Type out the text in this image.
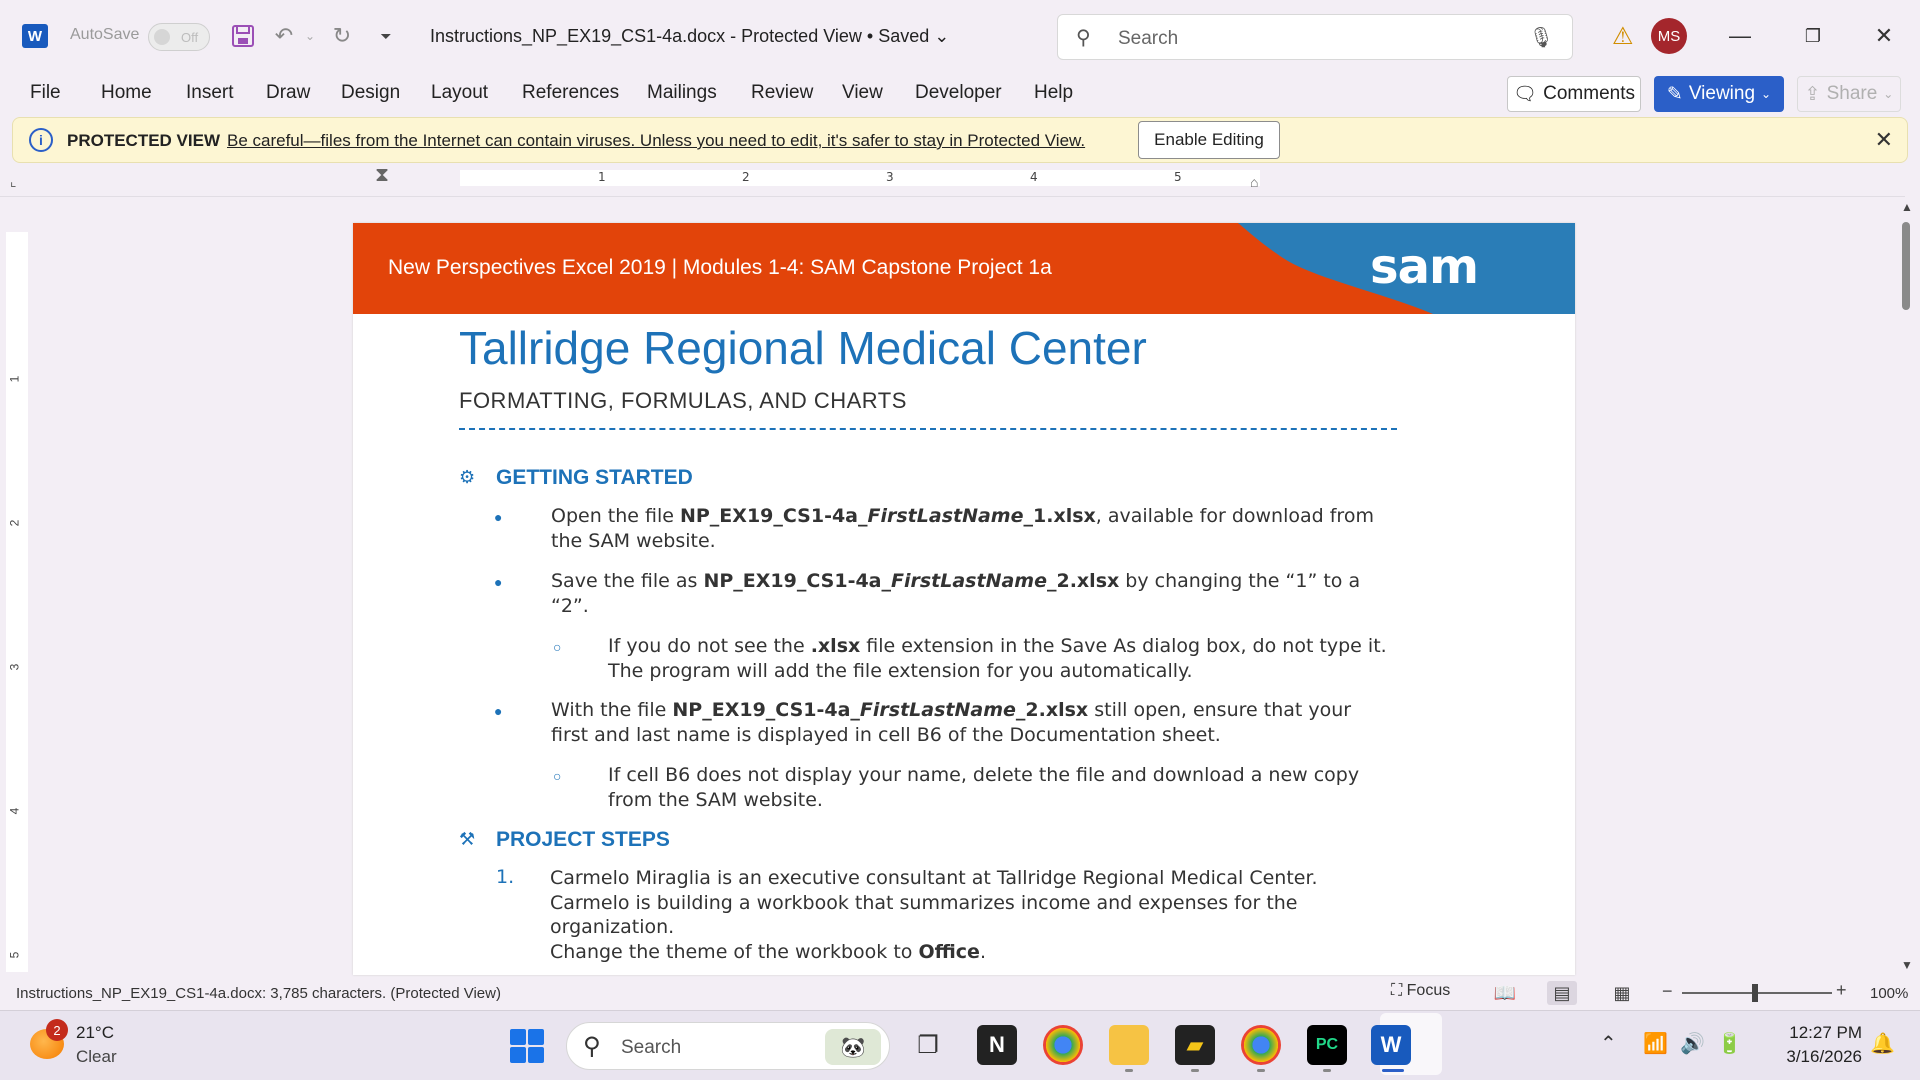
W	AutoSave	Off	↶ ⌄ ↻	⏷	Instructions_NP_EX19_CS1-4a.docx - Protected View • Saved ⌄	⚲ Search	🎙 ⚠	MS	—	❐	✕
File Home Insert Draw Design Layout References Mailings Review View Developer Help	🗨 Comments ✎ Viewing ⌄ ⇪ Share ⌄
i	PROTECTED VIEW Be careful—files from the Internet can contain viruses. Unless you need to edit, it's safer to stay in Protected View.	Enable Editing	✕
⌞	1	2	3	4	5
⧗	⌂
1
2
3
4
5
New Perspectives Excel 2019 | Modules 1-4: SAM Capstone Project 1a	sam
Tallridge Regional Medical Center
FORMATTING, FORMULAS, AND CHARTS
⚙ GETTING STARTED
●	Open the file NP_EX19_CS1-4a_FirstLastName_1.xlsx, available for download from
the SAM website.
●	Save the file as NP_EX19_CS1-4a_FirstLastName_2.xlsx by changing the “1” to a
“2”.
○ If you do not see the .xlsx file extension in the Save As dialog box, do not type it.
The program will add the file extension for you automatically.
●	With the file NP_EX19_CS1-4a_FirstLastName_2.xlsx still open, ensure that your
first and last name is displayed in cell B6 of the Documentation sheet.
○ If cell B6 does not display your name, delete the file and download a new copy
from the SAM website.
⚒ PROJECT STEPS
1. Carmelo Miraglia is an executive consultant at Tallridge Regional Medical Center.
Carmelo is building a workbook that summarizes income and expenses for the
organization.
Change the theme of the workbook to Office.
▲
▼
Instructions_NP_EX19_CS1-4a.docx: 3,785 characters. (Protected View)	⛶ Focus 📖	▤	▦	−	+ 100%
2 21°C
Clear	⚲ Search	🐼	❐	N	▰	PC	W	⌃ 📶 🔊 🔋
12:27 PM
3/16/2026
🔔
